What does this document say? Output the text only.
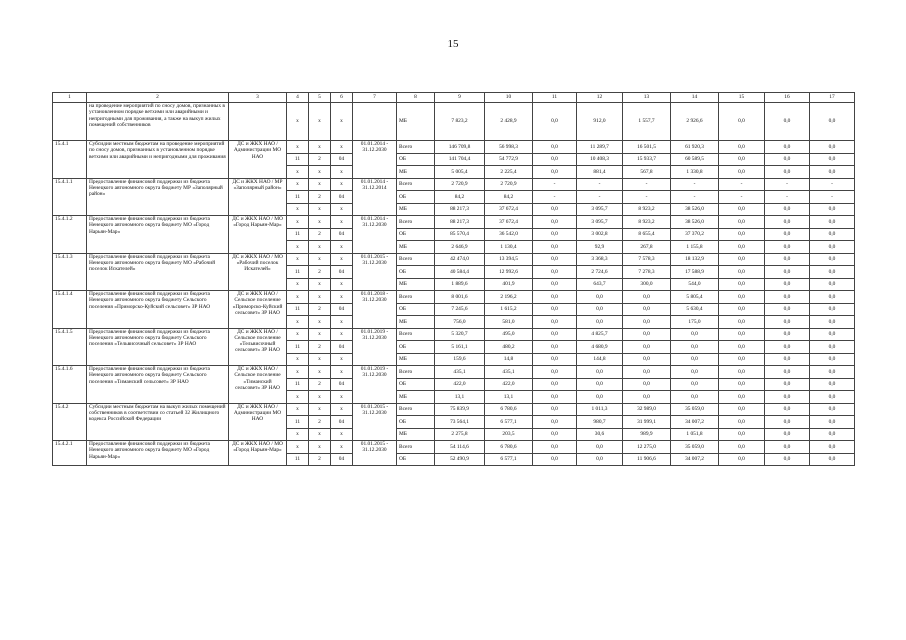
15
1	2	3	4	5	6	7	8	9	10	11	12	13	14	15	16	17
	на проведение мероприятий по сносу домов, признанных в установленном порядке ветхими или аварийными и непригодными для проживания, а также на выкуп жилых помещений собственников		х	х	х		МБ	7 823,2	2 428,9	0,0	912,0	1 557,7	2 926,6	0,0	0,0	0,0
15.4.1	Субсидии местным бюджетам на проведение мероприятий по сносу домов, признанных в установленном порядке ветхими или аварийными и непригодными для проживания	ДС и ЖКХ НАО / Администрации МО НАО	х	х	х	01.01.2014 - 31.12.2030	Всего	146 709,8	56 998,3	0,0	11 289,7	16 501,5	61 920,3	0,0	0,0	0,0
			11	2	04		ОБ	141 704,4	54 772,9	0,0	10 408,3	15 933,7	60 589,5	0,0	0,0	0,0
			х	х	х		МБ	5 005,4	2 225,4	0,0	881,4	567,8	1 330,8	0,0	0,0	0,0
15.4.1.1	Предоставление финансовой поддержки из бюджета Ненецкого автономного округа бюджету МР «Заполярный район»	ДС и ЖКХ НАО / МР «Заполярный район»	х	х	х	01.01.2014 - 31.12.2014	Всего	2 720,9	2 720,9	-	-	-	-	-	-	-
			11	2	04		ОБ	84,2	84,2	-	-	-	-	-	-	-
			х	х	х		МБ	88 217,3	37 672,4	0,0	3 095,7	8 923,2	38 526,0	0,0	0,0	0,0
15.4.1.2	Предоставление финансовой поддержки из бюджета Ненецкого автономного округа бюджету МО «Город Нарьян-Мар»	ДС и ЖКХ НАО / МО «Город Нарьян-Мар»	х	х	х	01.01.2014 - 31.12.2030	Всего	88 217,3	37 672,4	0,0	3 095,7	8 923,2	38 526,0	0,0	0,0	0,0
			11	2	04		ОБ	85 570,4	36 542,0	0,0	3 002,8	8 655,4	37 370,2	0,0	0,0	0,0
			х	х	х		МБ	2 646,9	1 130,4	0,0	92,9	267,8	1 155,8	0,0	0,0	0,0
15.4.1.3	Предоставление финансовой поддержки из бюджета Ненецкого автономного округа бюджету МО «Рабочий поселок Искателей»	ДС и ЖКХ НАО / МО «Рабочий поселок Искателей»	х	х	х	01.01.2015 - 31.12.2030	Всего	42 474,0	13 394,5	0,0	3 368,3	7 578,3	18 132,9	0,0	0,0	0,0
			11	2	04		ОБ	40 584,4	12 992,6	0,0	2 724,6	7 278,3	17 588,9	0,0	0,0	0,0
			х	х	х		МБ	1 889,6	401,9	0,0	643,7	300,0	544,0	0,0	0,0	0,0
15.4.1.4	Предоставление финансовой поддержки из бюджета Ненецкого автономного округа бюджету Сельского поселения «Приморско-Куйский сельсовет» ЗР НАО	ДС и ЖКХ НАО / Сельское поселение «Приморско-Куйский сельсовет» ЗР НАО	х	х	х	01.01.2018 - 31.12.2030	Всего	8 001,6	2 196,2	0,0	0,0	0,0	5 805,4	0,0	0,0	0,0
			11	2	04		ОБ	7 245,6	1 615,2	0,0	0,0	0,0	5 630,4	0,0	0,0	0,0
			х	х	х		МБ	756,0	581,0	0,0	0,0	0,0	175,0	0,0	0,0	0,0
15.4.1.5	Предоставление финансовой поддержки из бюджета Ненецкого автономного округа бюджету Сельского поселения «Тельвисочный сельсовет» ЗР НАО	ДС и ЖКХ НАО / Сельское поселение «Тельвисочный сельсовет» ЗР НАО	х	х	х	01.01.2019 - 31.12.2030	Всего	5 320,7	495,0	0,0	4 825,7	0,0	0,0	0,0	0,0	0,0
			11	2	04		ОБ	5 161,1	480,2	0,0	4 680,9	0,0	0,0	0,0	0,0	0,0
			х	х	х		МБ	159,6	14,8	0,0	144,8	0,0	0,0	0,0	0,0	0,0
15.4.1.6	Предоставление финансовой поддержки из бюджета Ненецкого автономного округа бюджету Сельского поселения «Тиманский сельсовет» ЗР НАО	ДС и ЖКХ НАО / Сельское поселение «Тиманский сельсовет» ЗР НАО	х	х	х	01.01.2019 - 31.12.2030	Всего	435,1	435,1	0,0	0,0	0,0	0,0	0,0	0,0	0,0
			11	2	04		ОБ	422,0	422,0	0,0	0,0	0,0	0,0	0,0	0,0	0,0
			х	х	х		МБ	13,1	13,1	0,0	0,0	0,0	0,0	0,0	0,0	0,0
15.4.2	Субсидии местным бюджетам на выкуп жилых помещений собственников в соответствии со статьей 32 Жилищного кодекса Российской Федерации	ДС и ЖКХ НАО / Администрации МО НАО	х	х	х	01.01.2015 - 31.12.2030	Всего	75 839,9	6 780,6	0,0	1 011,3	32 989,0	35 059,0	0,0	0,0	0,0
			11	2	04		ОБ	73 564,1	6 577,1	0,0	980,7	31 999,1	34 007,2	0,0	0,0	0,0
			х	х	х		МБ	2 275,8	203,5	0,0	30,6	989,9	1 051,8	0,0	0,0	0,0
15.4.2.1	Предоставление финансовой поддержки из бюджета Ненецкого автономного округа бюджету МО «Город Нарьян-Мар»	ДС и ЖКХ НАО / МО «Город Нарьян-Мар»	х	х	х	01.01.2015 - 31.12.2030	Всего	54 114,6	6 780,6	0,0	0,0	12 275,0	35 059,0	0,0	0,0	0,0
			11	2	04		ОБ	52 490,9	6 577,1	0,0	0,0	11 906,6	34 007,2	0,0	0,0	0,0
